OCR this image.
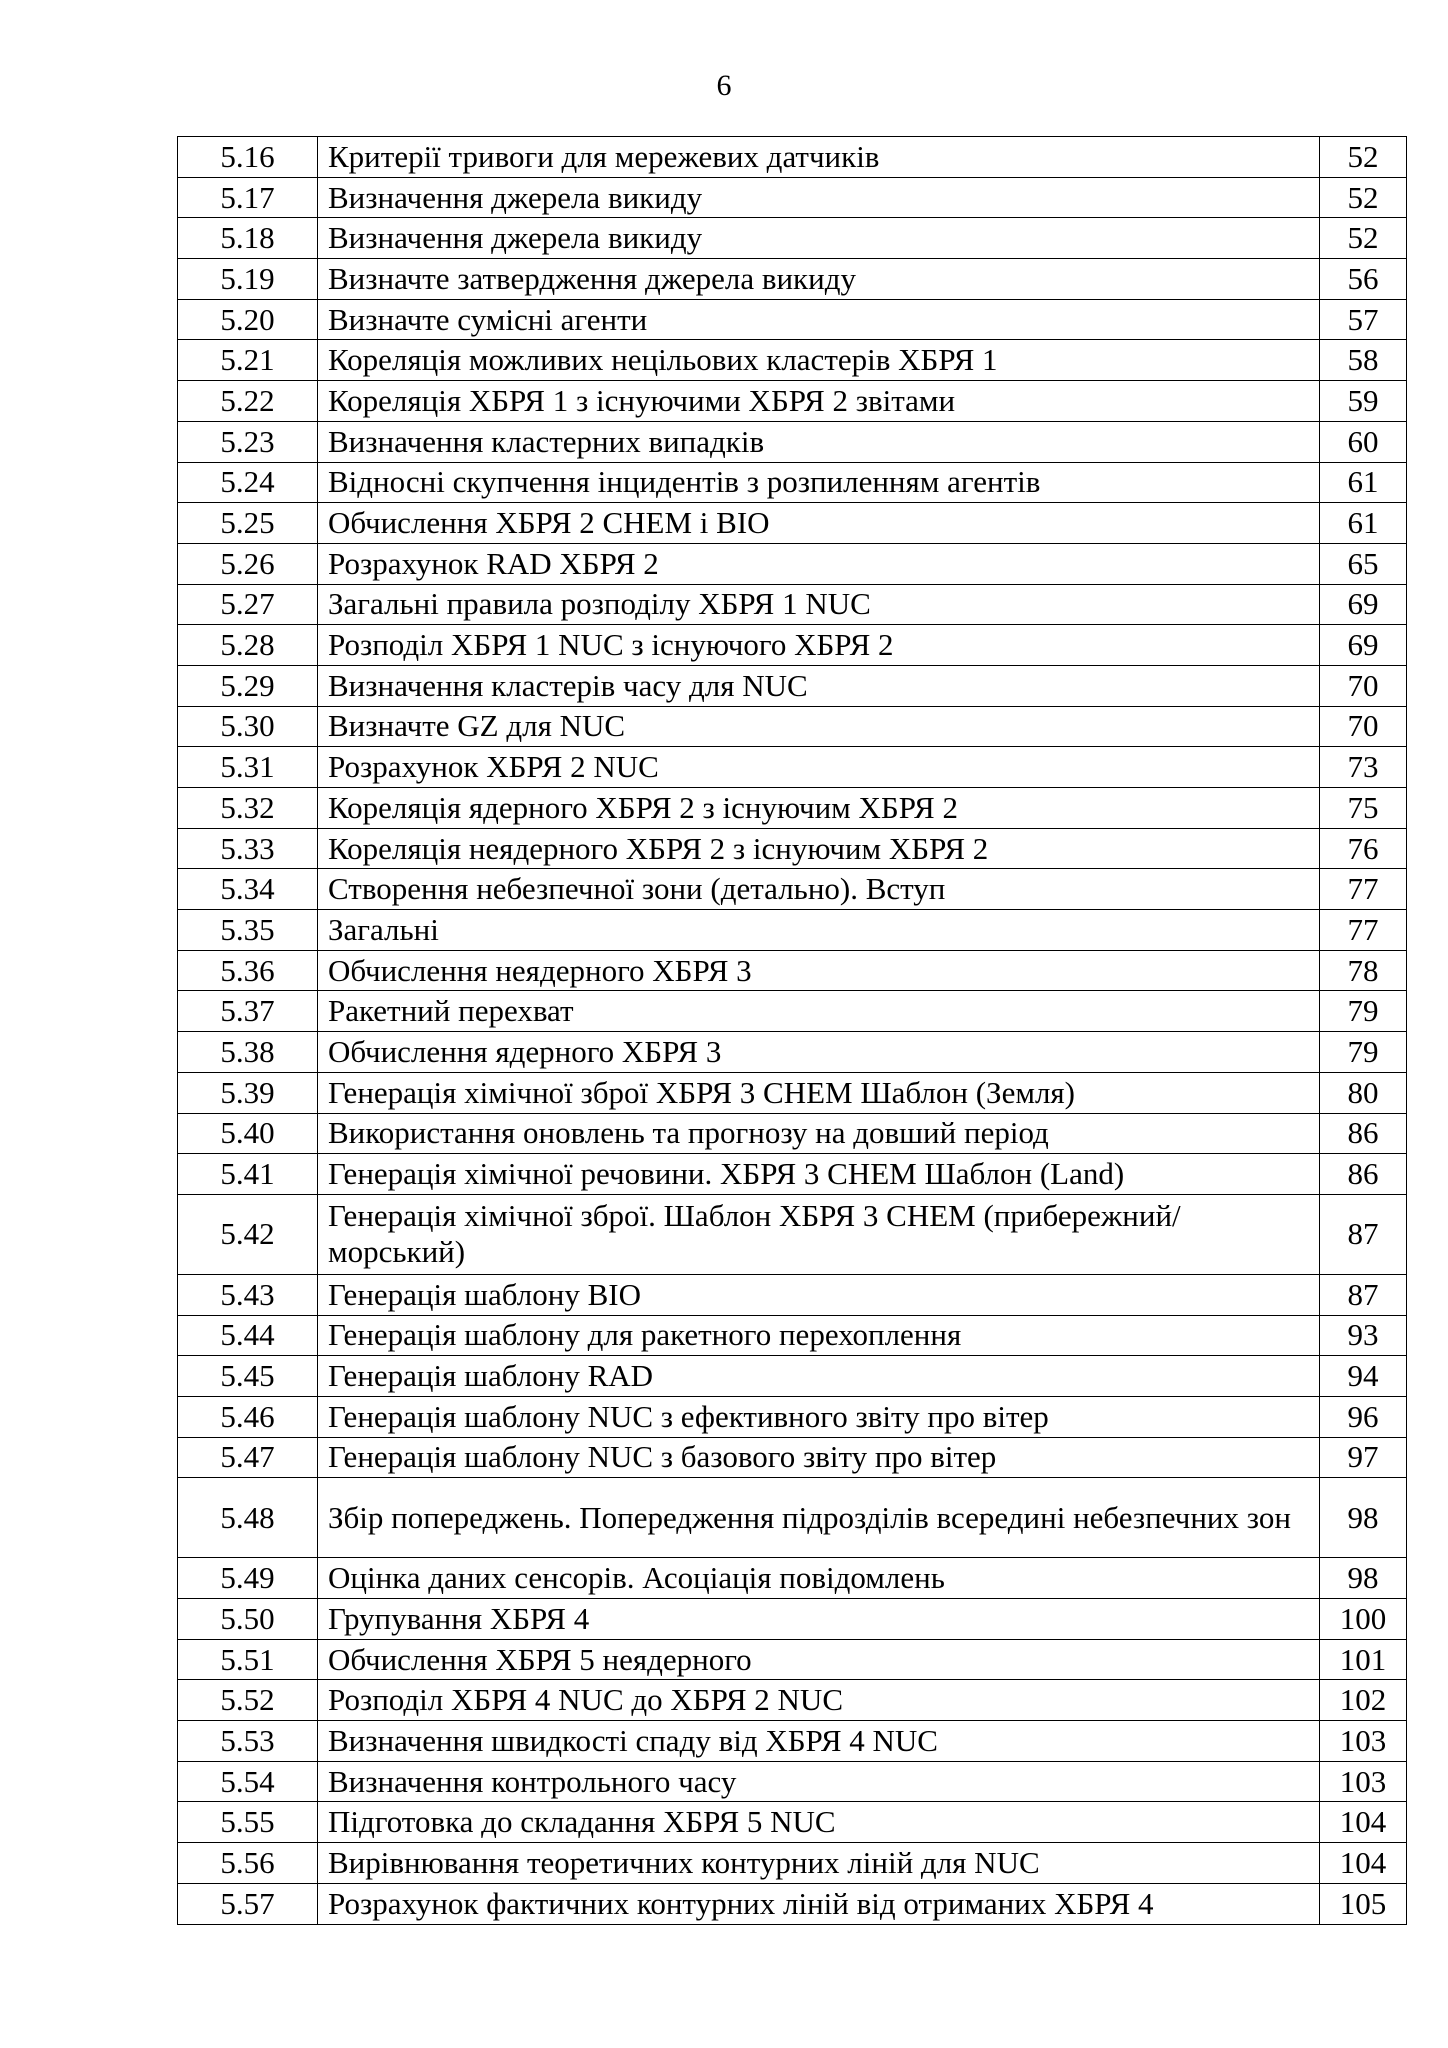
6
5.16	Критерії тривоги для мережевих датчиків	52
5.17	Визначення джерела викиду	52
5.18	Визначення джерела викиду	52
5.19	Визначте затвердження джерела викиду	56
5.20	Визначте сумісні агенти	57
5.21	Кореляція можливих нецільових кластерів ХБРЯ 1	58
5.22	Кореляція ХБРЯ 1 з існуючими ХБРЯ 2 звітами	59
5.23	Визначення кластерних випадків	60
5.24	Відносні скупчення інцидентів з розпиленням агентів	61
5.25	Обчислення ХБРЯ 2 CHEM і BIO	61
5.26	Розрахунок RAD ХБРЯ 2	65
5.27	Загальні правила розподілу ХБРЯ 1 NUC	69
5.28	Розподіл ХБРЯ 1 NUC з існуючого ХБРЯ 2	69
5.29	Визначення кластерів часу для NUC	70
5.30	Визначте GZ для NUC	70
5.31	Розрахунок ХБРЯ 2 NUC	73
5.32	Кореляція ядерного ХБРЯ 2 з існуючим ХБРЯ 2	75
5.33	Кореляція неядерного ХБРЯ 2 з існуючим ХБРЯ 2	76
5.34	Створення небезпечної зони (детально). Вступ	77
5.35	Загальні	77
5.36	Обчислення неядерного ХБРЯ 3	78
5.37	Ракетний перехват	79
5.38	Обчислення ядерного ХБРЯ 3	79
5.39	Генерація хімічної зброї ХБРЯ 3 CHEM Шаблон (Земля)	80
5.40	Використання оновлень та прогнозу на довший період	86
5.41	Генерація хімічної речовини. ХБРЯ 3 CHEM Шаблон (Land)	86
5.42	Генерація хімічної зброї. Шаблон ХБРЯ 3 CHEM (прибережний/ морський)	87
5.43	Генерація шаблону BIO	87
5.44	Генерація шаблону для ракетного перехоплення	93
5.45	Генерація шаблону RAD	94
5.46	Генерація шаблону NUC з ефективного звіту про вітер	96
5.47	Генерація шаблону NUC з базового звіту про вітер	97
5.48	Збір попереджень. Попередження підрозділів всередині небезпечних зон	98
5.49	Оцінка даних сенсорів. Асоціація повідомлень	98
5.50	Групування ХБРЯ 4	100
5.51	Обчислення ХБРЯ 5 неядерного	101
5.52	Розподіл ХБРЯ 4 NUC до ХБРЯ 2 NUC	102
5.53	Визначення швидкості спаду від ХБРЯ 4 NUC	103
5.54	Визначення контрольного часу	103
5.55	Підготовка до складання ХБРЯ 5 NUC	104
5.56	Вирівнювання теоретичних контурних ліній для NUC	104
5.57	Розрахунок фактичних контурних ліній від отриманих ХБРЯ 4	105
